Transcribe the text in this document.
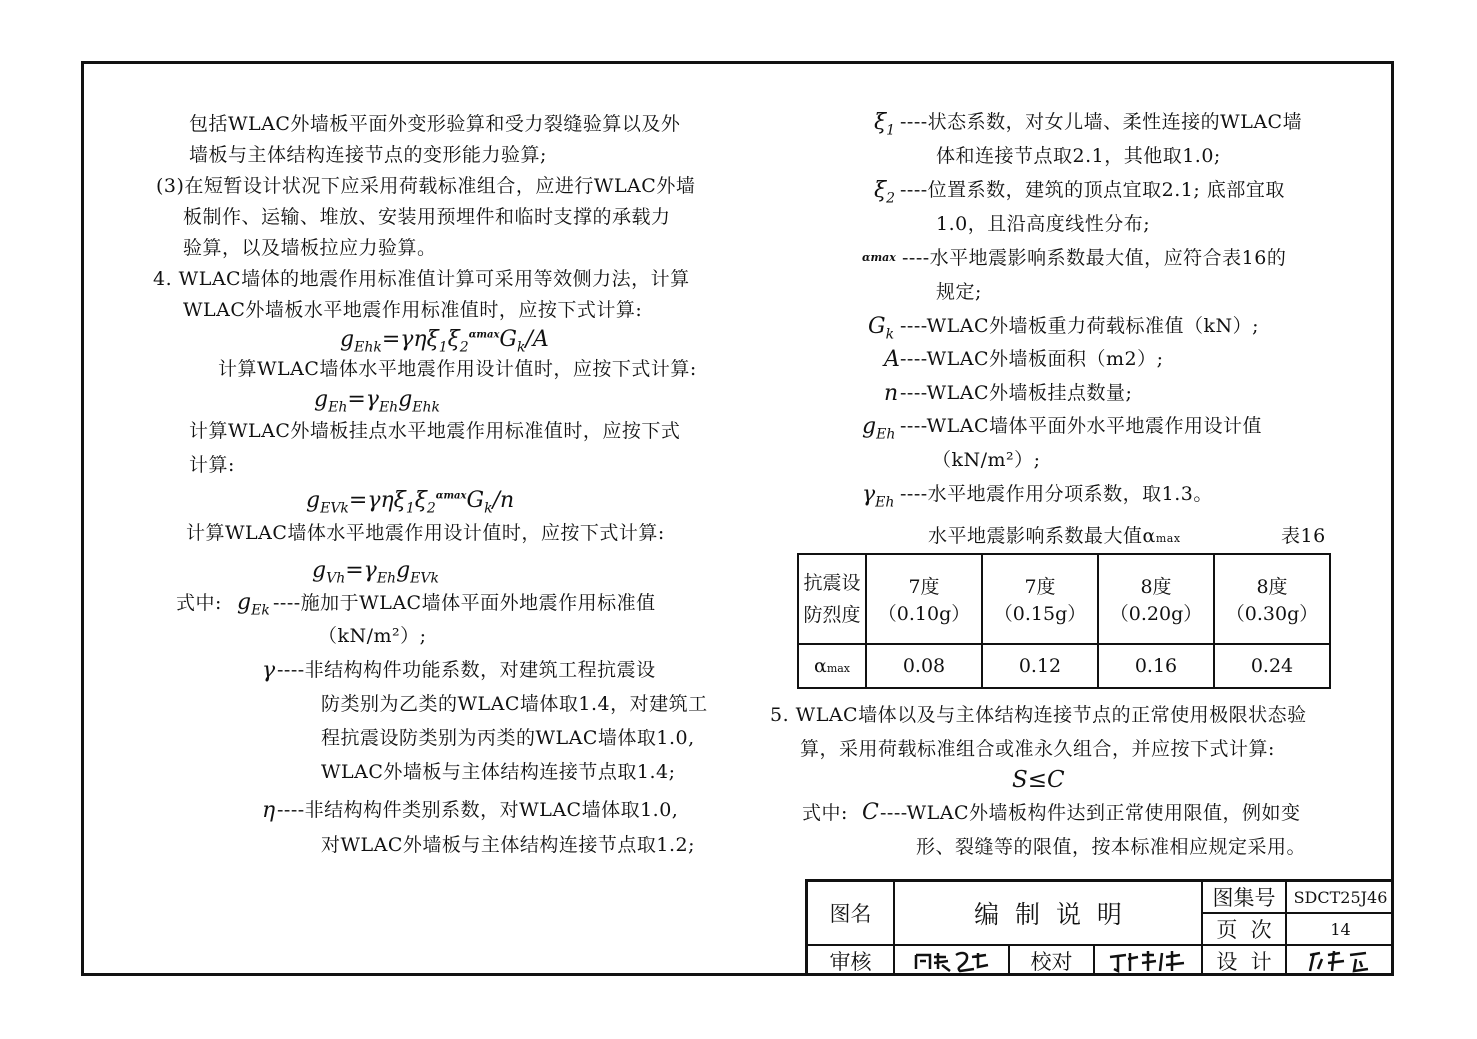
包括WLAC外墙板平面外变形验算和受力裂缝验算以及外
墙板与主体结构连接节点的变形能力验算;
(3)在短暂设计状况下应采用荷载标准组合，应进行WLAC外墙
板制作、运输、堆放、安装用预埋件和临时支撑的承载力
验算，以及墙板拉应力验算。
4. WLAC墙体的地震作用标准值计算可采用等效侧力法，计算
WLAC外墙板水平地震作用标准值时，应按下式计算:
$g_{Ehk}=\gamma\eta\xi_1\xi_2^{\alpha max}G_k/A$
计算WLAC墙体水平地震作用设计值时，应按下式计算:
$g_{Eh}=\gamma_{Eh}g_{Ehk}$
计算WLAC外墙板挂点水平地震作用标准值时，应按下式
计算:
$g_{EVk}=\gamma\eta\xi_1\xi_2^{\alpha max}G_k/n$
计算WLAC墙体水平地震作用设计值时，应按下式计算:
$g_{Vh}=\gamma_{Eh}g_{EVk}$
式中: $g_{Ek}$ ----施加于WLAC墙体平面外地震作用标准值
（kN/m²）;
γ ----非结构构件功能系数，对建筑工程抗震设
防类别为乙类的WLAC墙体取1.4，对建筑工
程抗震设防类别为丙类的WLAC墙体取1.0,
WLAC外墙板与主体结构连接节点取1.4;
η ----非结构构件类别系数，对WLAC墙体取1.0,
对WLAC外墙板与主体结构连接节点取1.2;
$\xi_1$ ----状态系数，对女儿墙、柔性连接的WLAC墙
体和连接节点取2.1，其他取1.0;
$\xi_2$ ----位置系数，建筑的顶点宜取2.1; 底部宜取
1.0，且沿高度线性分布;
αmax ----水平地震影响系数最大值，应符合表16的
规定;
$G_k$ ----WLAC外墙板重力荷载标准值（kN）;
A ----WLAC外墙板面积（m2）;
n ----WLAC外墙板挂点数量;
$g_{Eh}$ ----WLAC墙体平面外水平地震作用设计值
（kN/m²）;
$\gamma_{Eh}$ ----水平地震作用分项系数，取1.3。
水平地震影响系数最大值αmax	表16
抗震设
防烈度	7度（0.10g）	7度（0.15g）	8度（0.20g）	8度（0.30g）
αmax	0.08	0.12	0.16	0.24
5. WLAC墙体以及与主体结构连接节点的正常使用极限状态验
算，采用荷载标准组合或准永久组合，并应按下式计算:
S≤C
式中: C ----WLAC外墙板构件达到正常使用限值，例如变
形、裂缝等的限值，按本标准相应规定采用。
图名	编  制  说  明
图集号	SDCT25J46
页  次	14
审核	校对	设  计
